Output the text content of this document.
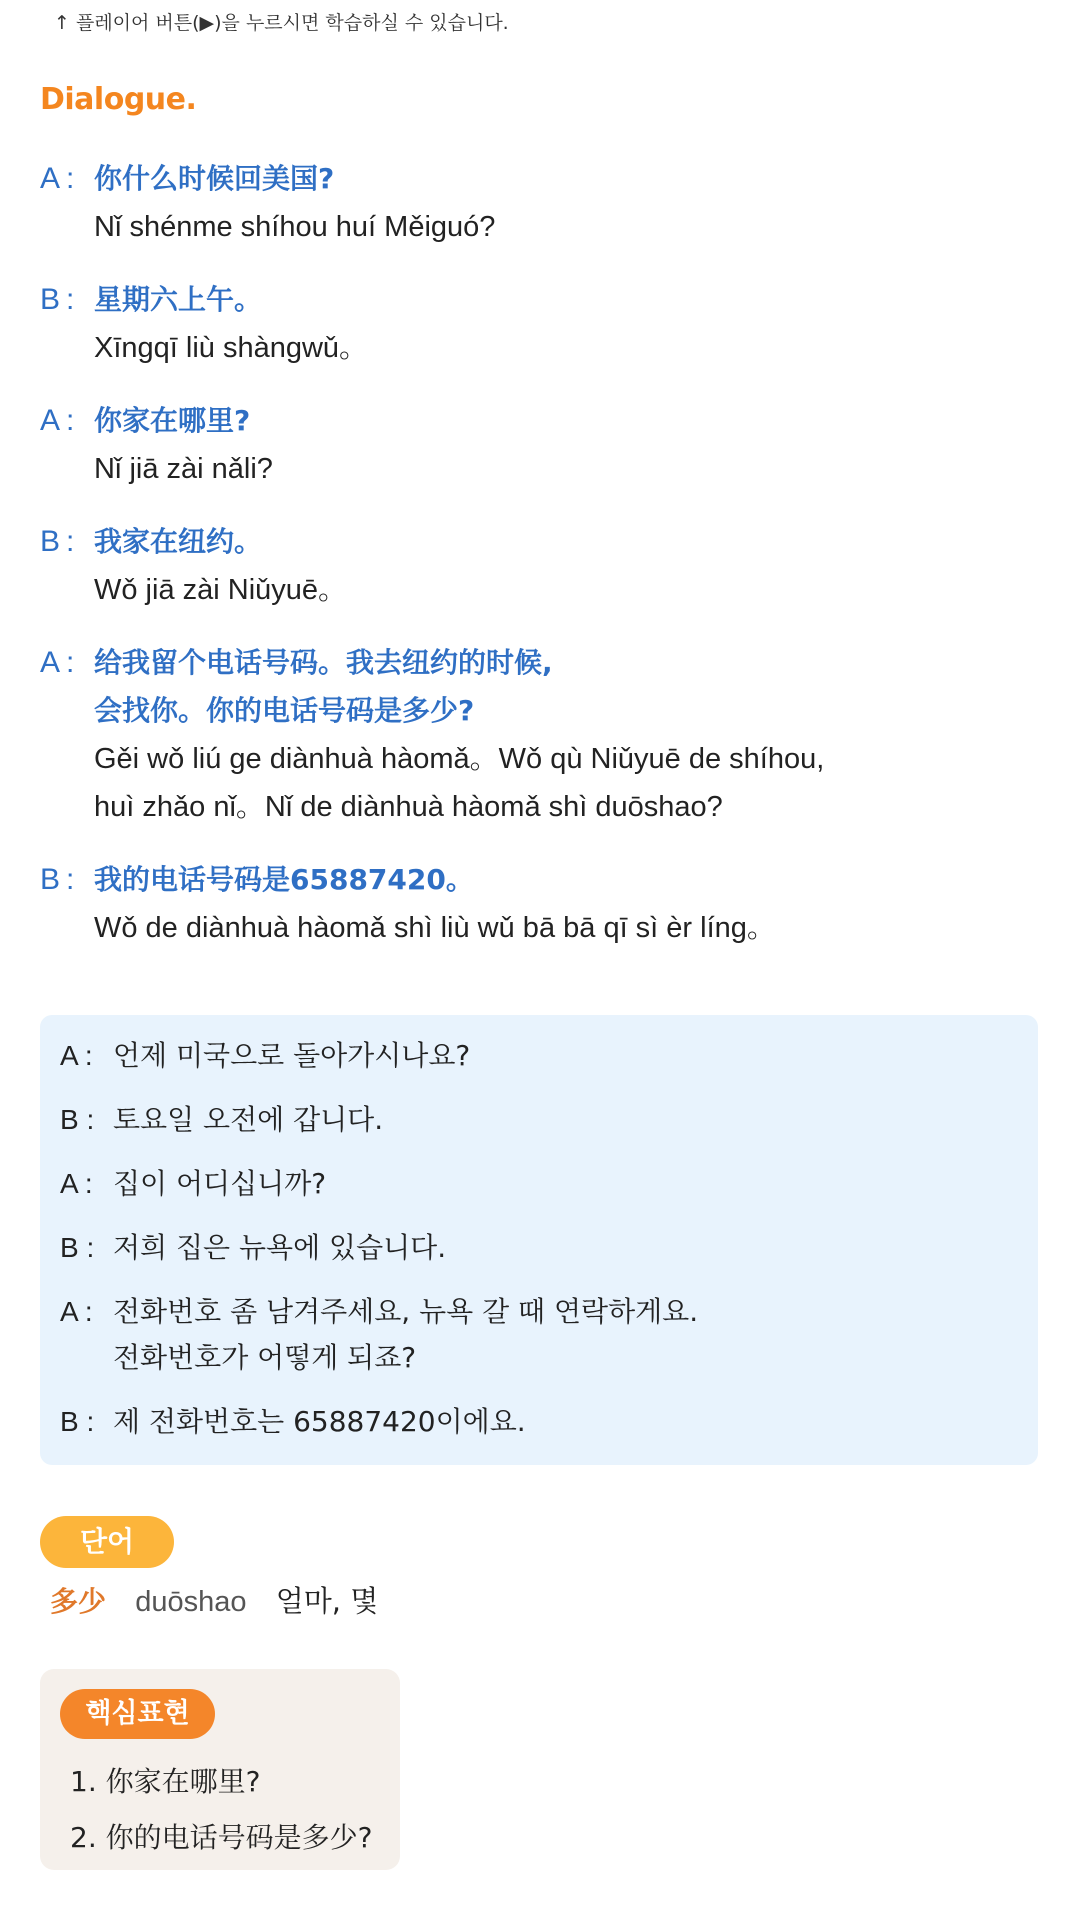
↑ 플레이어 버튼(▶)을 누르시면 학습하실 수 있습니다.
Dialogue.
A : 你什么时候回美国?
Nǐ shénme shíhou huí Měiguó?
B : 星期六上午。
Xīngqī liù shàngwǔ。
A : 你家在哪里?
Nǐ jiā zài nǎli?
B : 我家在纽约。
Wǒ jiā zài Niǔyuē。
A : 给我留个电话号码。我去纽约的时候,
会找你。你的电话号码是多少?
Gěi wǒ liú ge diànhuà hàomǎ。Wǒ qù Niǔyuē de shíhou,
huì zhǎo nǐ。Nǐ de diànhuà hàomǎ shì duōshao?
B : 我的电话号码是65887420。
Wǒ de diànhuà hàomǎ shì liù wǔ bā bā qī sì èr líng。
A : 언제 미국으로 돌아가시나요?
B : 토요일 오전에 갑니다.
A : 집이 어디십니까?
B : 저희 집은 뉴욕에 있습니다.
A : 전화번호 좀 남겨주세요, 뉴욕 갈 때 연락하게요.
전화번호가 어떻게 되죠?
B : 제 전화번호는 65887420이에요.
단어
多少 duōshao 얼마, 몇
핵심표현
1. 你家在哪里?
2. 你的电话号码是多少?
